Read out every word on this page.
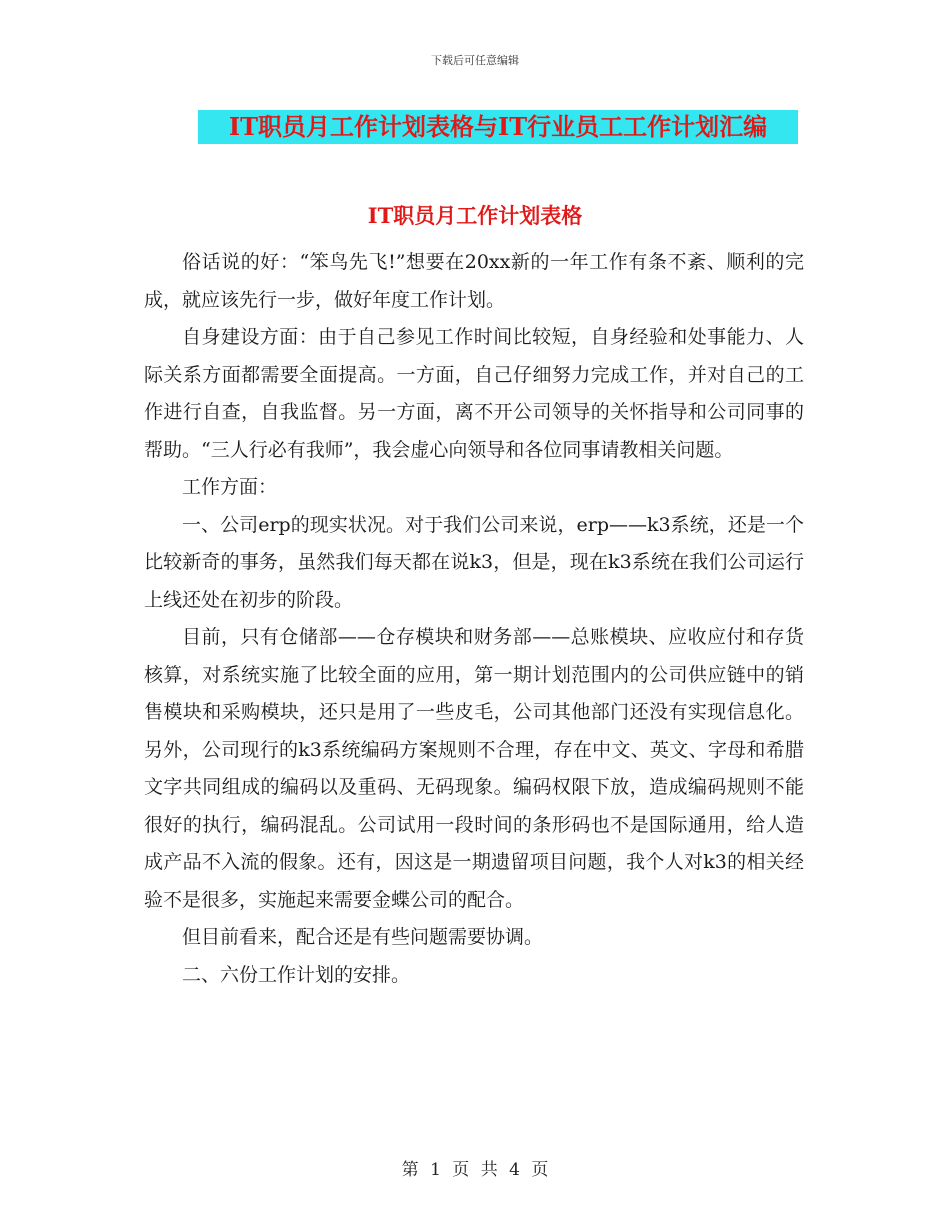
下载后可任意编辑
IT职员月工作计划表格与IT行业员工工作计划汇编
IT职员月工作计划表格

俗话说的好：“笨鸟先飞!”想要在20xx新的一年工作有条不紊、顺利的完成，就应该先行一步，做好年度工作计划。

自身建设方面：由于自己参见工作时间比较短，自身经验和处事能力、人际关系方面都需要全面提高。一方面，自己仔细努力完成工作，并对自己的工作进行自查，自我监督。另一方面，离不开公司领导的关怀指导和公司同事的帮助。“三人行必有我师”，我会虚心向领导和各位同事请教相关问题。

工作方面：

一、公司erp的现实状况。对于我们公司来说，erp——k3系统，还是一个比较新奇的事务，虽然我们每天都在说k3，但是，现在k3系统在我们公司运行上线还处在初步的阶段。

目前，只有仓储部——仓存模块和财务部——总账模块、应收应付和存货核算，对系统实施了比较全面的应用，第一期计划范围内的公司供应链中的销售模块和采购模块，还只是用了一些皮毛，公司其他部门还没有实现信息化。另外，公司现行的k3系统编码方案规则不合理，存在中文、英文、字母和希腊文字共同组成的编码以及重码、无码现象。编码权限下放，造成编码规则不能很好的执行，编码混乱。公司试用一段时间的条形码也不是国际通用，给人造成产品不入流的假象。还有，因这是一期遗留项目问题，我个人对k3的相关经验不是很多，实施起来需要金蝶公司的配合。

但目前看来，配合还是有些问题需要协调。

二、六份工作计划的安排。

第 1 页 共 4 页
